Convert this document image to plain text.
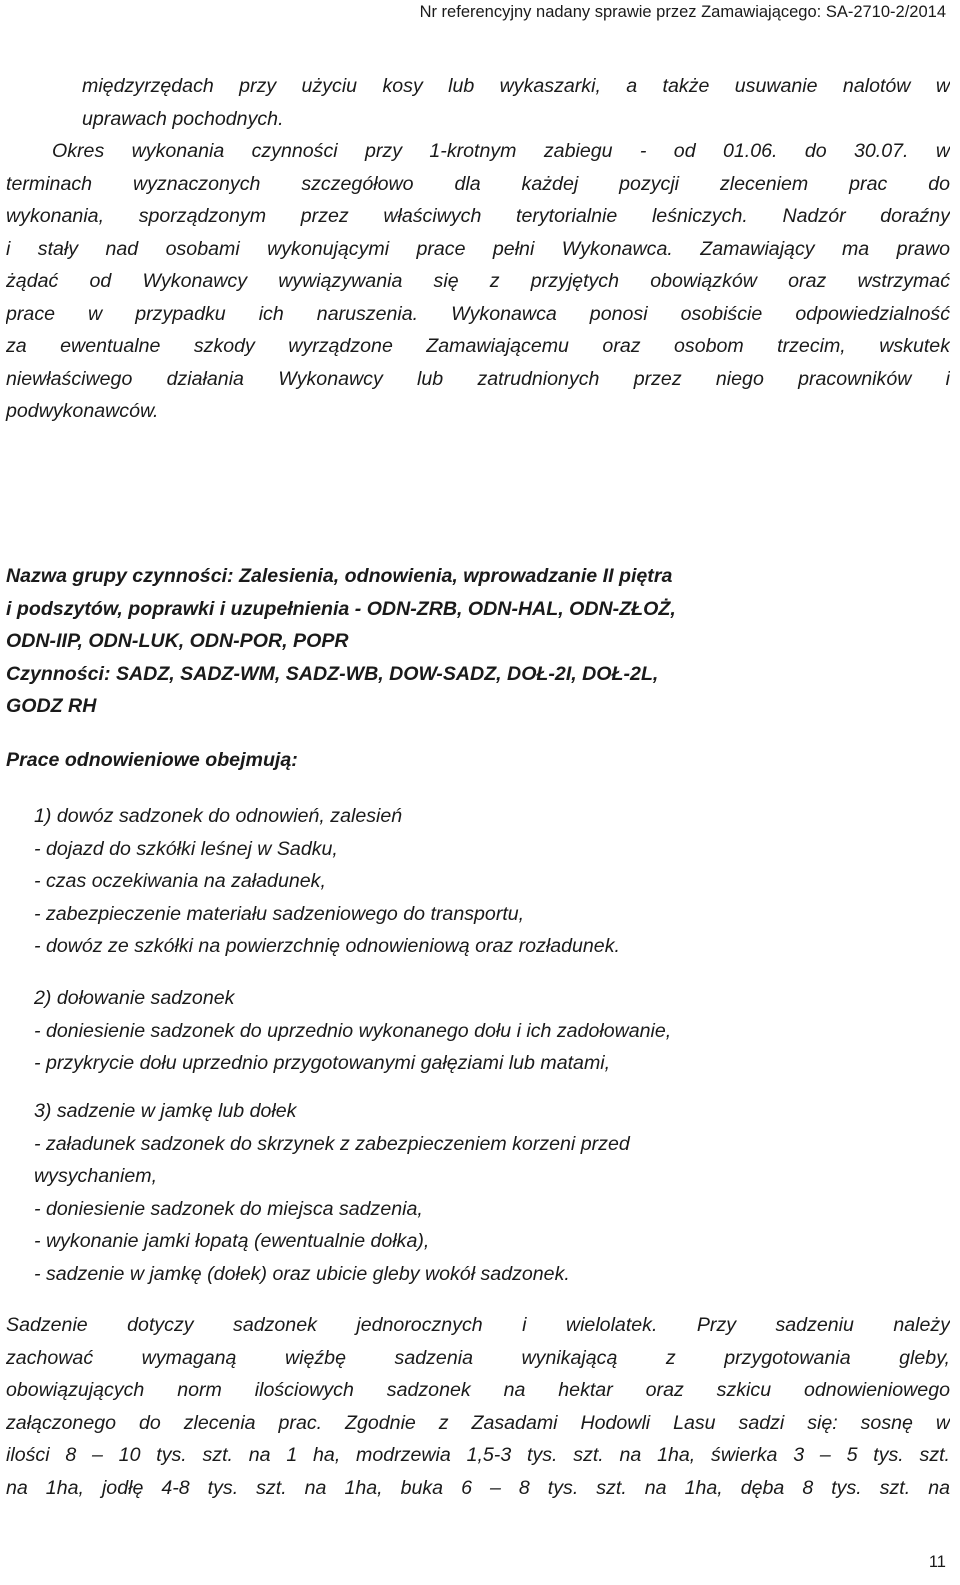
Nr referencyjny nadany sprawie przez Zamawiającego: SA-2710-2/2014
międzyrzędach przy użyciu kosy lub wykaszarki, a także usuwanie nalotów w
uprawach pochodnych.
Okres wykonania czynności przy 1-krotnym zabiegu - od 01.06. do 30.07. w
terminach wyznaczonych szczegółowo dla każdej pozycji zleceniem prac do
wykonania, sporządzonym przez właściwych terytorialnie leśniczych. Nadzór doraźny
i stały nad osobami wykonującymi prace pełni Wykonawca. Zamawiający ma prawo
żądać od Wykonawcy wywiązywania się z przyjętych obowiązków oraz wstrzymać
prace w przypadku ich naruszenia. Wykonawca ponosi osobiście odpowiedzialność
za ewentualne szkody wyrządzone Zamawiającemu oraz osobom trzecim, wskutek
niewłaściwego działania Wykonawcy lub zatrudnionych przez niego pracowników i
podwykonawców.
Nazwa grupy czynności: Zalesienia, odnowienia, wprowadzanie II piętra
i podszytów, poprawki i uzupełnienia - ODN-ZRB, ODN-HAL, ODN-ZŁOŻ,
ODN-IIP, ODN-LUK, ODN-POR, POPR
Czynności: SADZ, SADZ-WM, SADZ-WB, DOW-SADZ, DOŁ-2I, DOŁ-2L,
GODZ RH
Prace odnowieniowe obejmują:
1) dowóz sadzonek do odnowień, zalesień
- dojazd do szkółki leśnej w Sadku,
- czas oczekiwania na załadunek,
- zabezpieczenie materiału sadzeniowego do transportu,
- dowóz ze szkółki na powierzchnię odnowieniową oraz rozładunek.
2) dołowanie sadzonek
- doniesienie sadzonek do uprzednio wykonanego dołu i ich zadołowanie,
- przykrycie dołu uprzednio przygotowanymi gałęziami lub matami,
3) sadzenie w jamkę lub dołek
- załadunek sadzonek do skrzynek z zabezpieczeniem korzeni przed
wysychaniem,
- doniesienie sadzonek do miejsca sadzenia,
- wykonanie jamki łopatą (ewentualnie dołka),
- sadzenie w jamkę (dołek) oraz ubicie gleby wokół sadzonek.
Sadzenie dotyczy sadzonek jednorocznych i wielolatek. Przy sadzeniu należy
zachować wymaganą więźbę sadzenia wynikającą z przygotowania gleby,
obowiązujących norm ilościowych sadzonek na hektar oraz szkicu odnowieniowego
załączonego do zlecenia prac. Zgodnie z Zasadami Hodowli Lasu sadzi się: sosnę w
ilości 8 – 10 tys. szt. na 1 ha, modrzewia 1,5-3 tys. szt. na 1ha, świerka 3 – 5 tys. szt.
na 1ha, jodłę 4-8 tys. szt. na 1ha, buka 6 – 8 tys. szt. na 1ha, dęba 8 tys. szt. na
11
